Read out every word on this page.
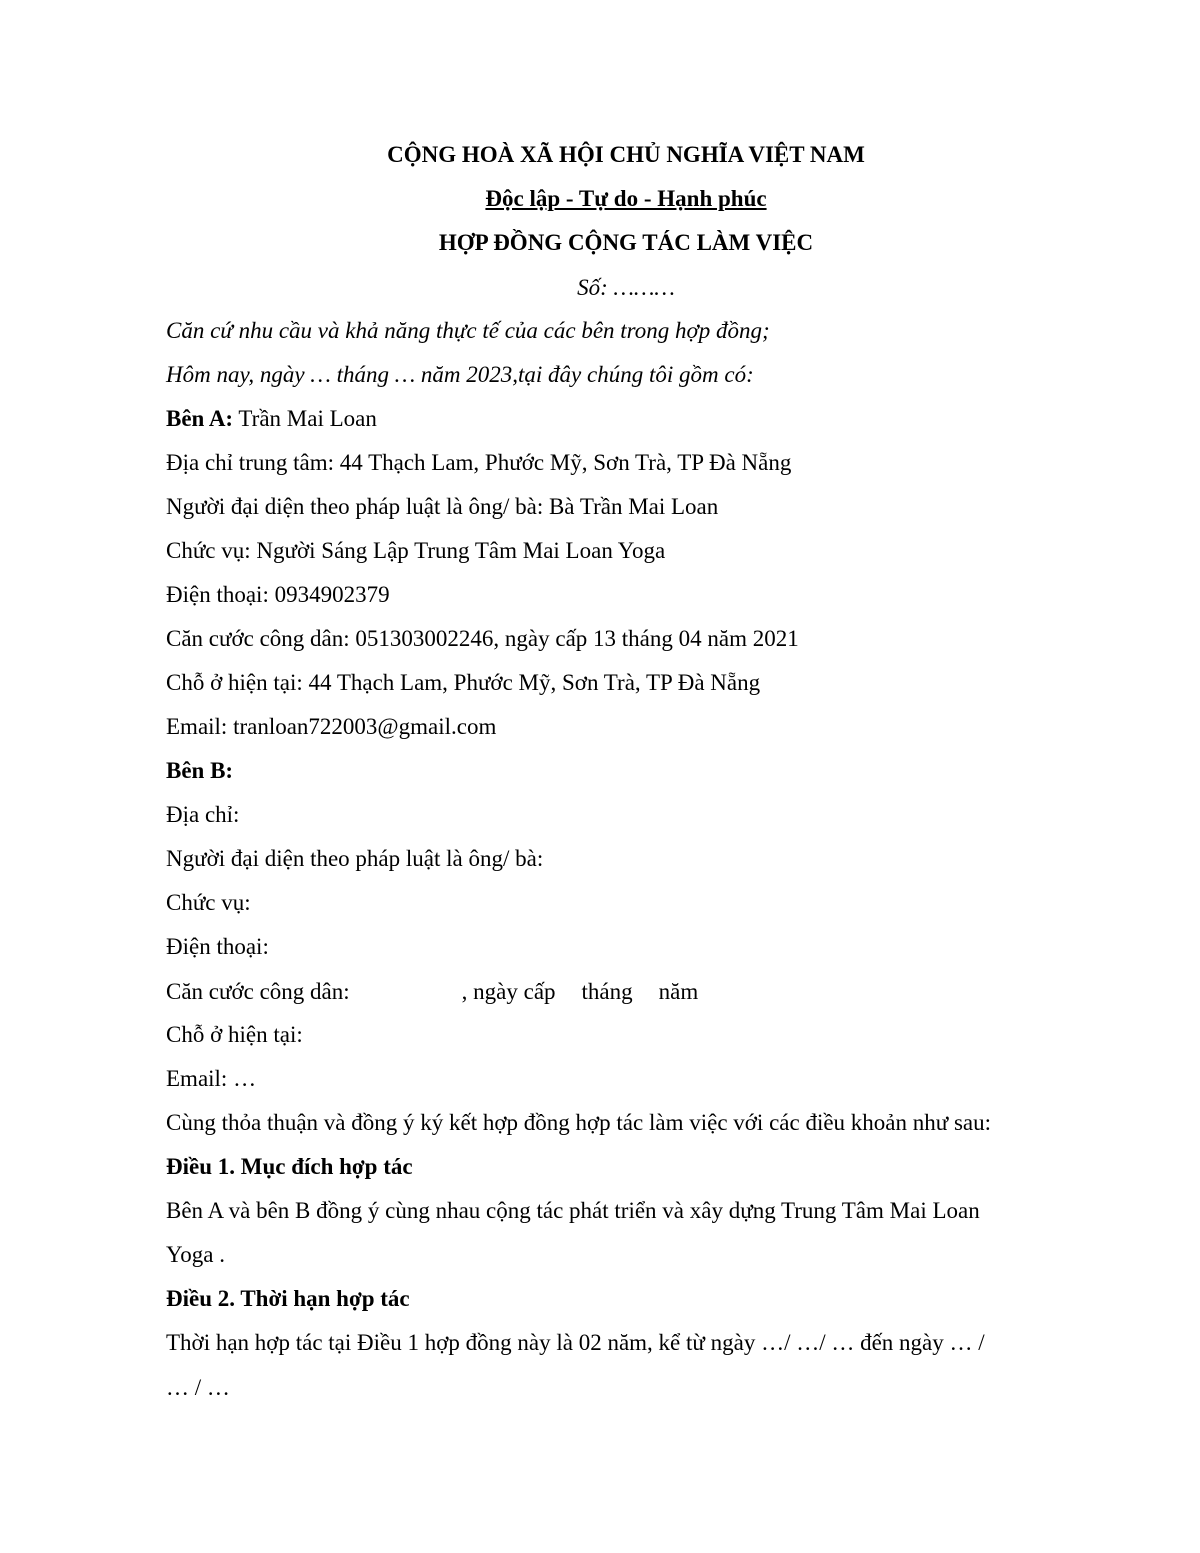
CỘNG HOÀ XÃ HỘI CHỦ NGHĨA VIỆT NAM
Độc lập - Tự do - Hạnh phúc
HỢP ĐỒNG CỘNG TÁC LÀM VIỆC
Số: ………
Căn cứ nhu cầu và khả năng thực tế của các bên trong hợp đồng;
Hôm nay, ngày … tháng … năm 2023,tại đây chúng tôi gồm có:
Bên A: Trần Mai Loan
Địa chỉ trung tâm: 44 Thạch Lam, Phước Mỹ, Sơn Trà, TP Đà Nẵng
Người đại diện theo pháp luật là ông/ bà: Bà Trần Mai Loan
Chức vụ: Người Sáng Lập Trung Tâm Mai Loan Yoga
Điện thoại: 0934902379
Căn cước công dân: 051303002246, ngày cấp 13 tháng 04 năm 2021
Chỗ ở hiện tại: 44 Thạch Lam, Phước Mỹ, Sơn Trà, TP Đà Nẵng
Email: tranloan722003@gmail.com
Bên B:
Địa chỉ:
Người đại diện theo pháp luật là ông/ bà:
Chức vụ:
Điện thoại:
Căn cước công dân:	, ngày cấp tháng năm
Chỗ ở hiện tại:
Email: …
Cùng thỏa thuận và đồng ý ký kết hợp đồng hợp tác làm việc với các điều khoản như sau:
Điều 1. Mục đích hợp tác
Bên A và bên B đồng ý cùng nhau cộng tác phát triển và xây dựng Trung Tâm Mai Loan
Yoga .
Điều 2. Thời hạn hợp tác
Thời hạn hợp tác tại Điều 1 hợp đồng này là 02 năm, kể từ ngày …/ …/ … đến ngày … /
… / …
